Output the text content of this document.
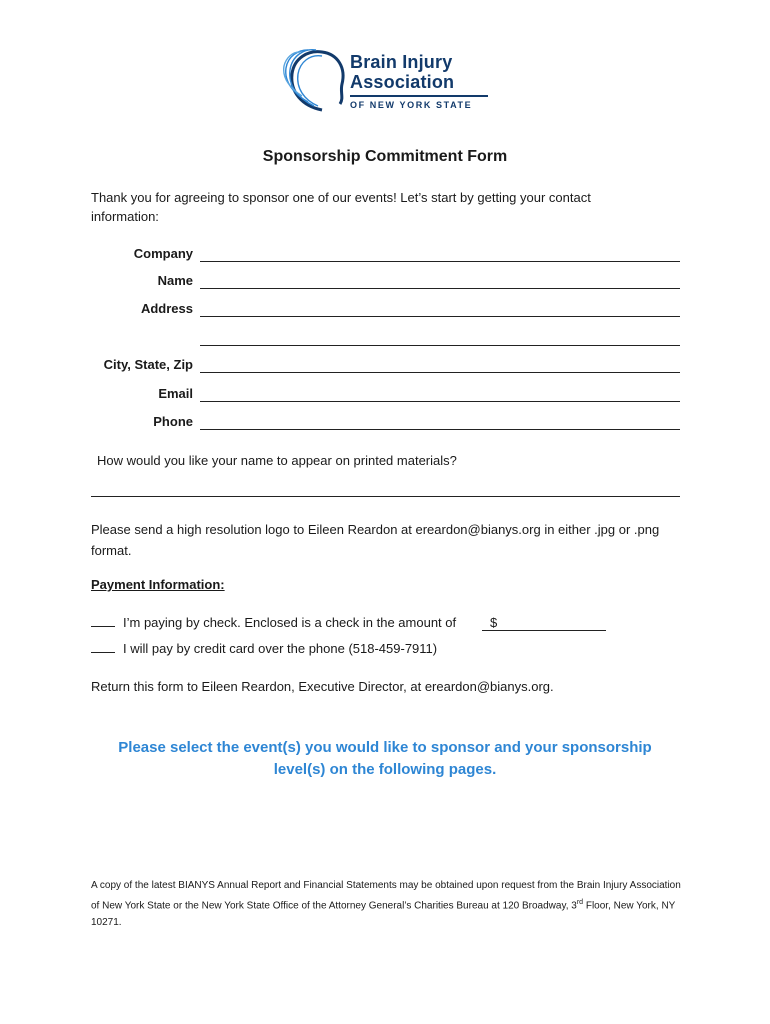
Brain Injury
Association
OF NEW YORK STATE
Sponsorship Commitment Form
Thank you for agreeing to sponsor one of our events! Let’s start by getting your contact information:
Company
Name
Address
City, State, Zip
Email
Phone
How would you like your name to appear on printed materials?
Please send a high resolution logo to Eileen Reardon at ereardon@bianys.org in either .jpg or .png format.
Payment Information:
I’m paying by check. Enclosed is a check in the amount of	$
I will pay by credit card over the phone (518-459-7911)
Return this form to Eileen Reardon, Executive Director, at ereardon@bianys.org.
Please select the event(s) you would like to sponsor and your sponsorship level(s) on the following pages.
A copy of the latest BIANYS Annual Report and Financial Statements may be obtained upon request from the Brain Injury Association of New York State or the New York State Office of the Attorney General’s Charities Bureau at 120 Broadway, 3rd Floor, New York, NY 10271.
